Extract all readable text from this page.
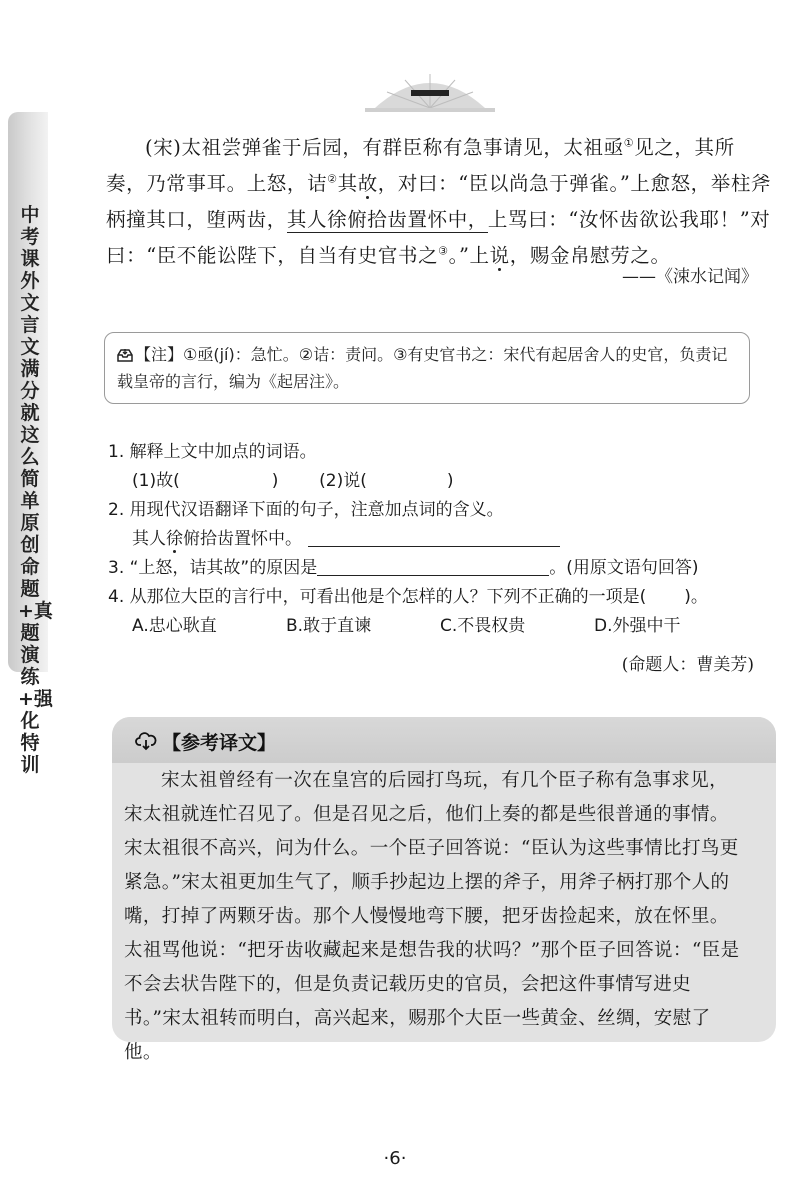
中考课外文言文满分就这么简单 原创命题+真题演练+强化特训

(宋)太祖尝弹雀于后园，有群臣称有急事请见，太祖亟①见之，其所奏，乃常事耳。上怒，诘②其故，对曰：“臣以尚急于弹雀。”上愈怒，举柱斧柄撞其口，堕两齿，其人徐俯拾齿置怀中，上骂曰：“汝怀齿欲讼我耶！”对曰：“臣不能讼陛下，自当有史官书之③。”上说，赐金帛慰劳之。

——《涑水记闻》
【注】①亟(jí)：急忙。②诘：责问。③有史官书之：宋代有起居舍人的史官，负责记载皇帝的言行，编为《起居注》。
1. 解释上文中加点的词语。
(1)故(	) (2)说(	)
2. 用现代汉语翻译下面的句子，注意加点词的含义。
其人徐俯拾齿置怀中。
3. “上怒，诘其故”的原因是	。(用原文语句回答)
4. 从那位大臣的言行中，可看出他是个怎样的人？下列不正确的一项是( )。
A.忠心耿直	B.敢于直谏	C.不畏权贵	D.外强中干
(命题人：曹美芳)
【参考译文】

宋太祖曾经有一次在皇宫的后园打鸟玩，有几个臣子称有急事求见，宋太祖就连忙召见了。但是召见之后，他们上奏的都是些很普通的事情。宋太祖很不高兴，问为什么。一个臣子回答说：“臣认为这些事情比打鸟更紧急。”宋太祖更加生气了，顺手抄起边上摆的斧子，用斧子柄打那个人的嘴，打掉了两颗牙齿。那个人慢慢地弯下腰，把牙齿捡起来，放在怀里。太祖骂他说：“把牙齿收藏起来是想告我的状吗？”那个臣子回答说：“臣是不会去状告陛下的，但是负责记载历史的官员，会把这件事情写进史书。”宋太祖转而明白，高兴起来，赐那个大臣一些黄金、丝绸，安慰了他。

·6·
